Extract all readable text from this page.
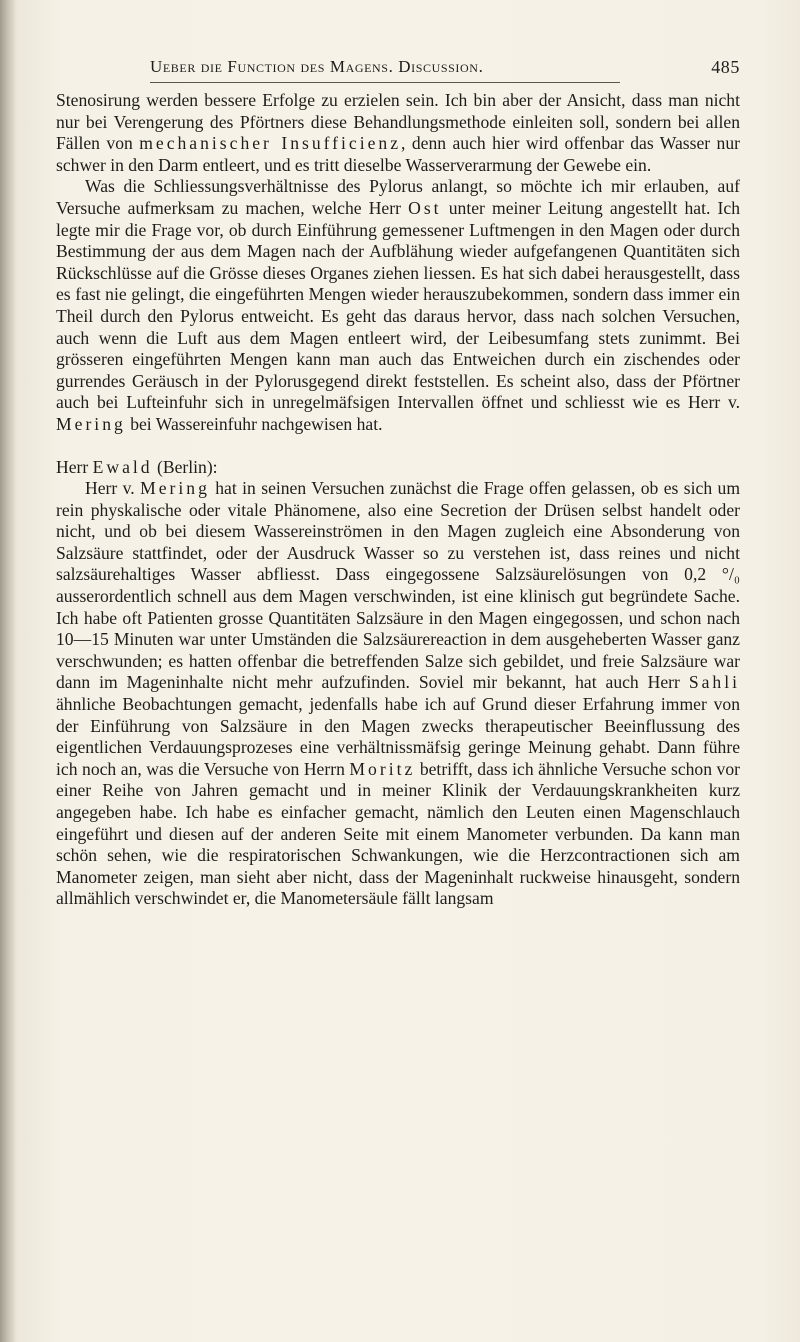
Ueber die Function des Magens. Discussion.	485

Stenosirung werden bessere Erfolge zu erzielen sein. Ich bin aber der Ansicht, dass man nicht nur bei Verengerung des Pförtners diese Behandlungsmethode einleiten soll, sondern bei allen Fällen von mechanischer Insufficienz, denn auch hier wird offenbar das Wasser nur schwer in den Darm entleert, und es tritt dieselbe Wasserverarmung der Gewebe ein.

Was die Schliessungsverhältnisse des Pylorus anlangt, so möchte ich mir erlauben, auf Versuche aufmerksam zu machen, welche Herr Ost unter meiner Leitung angestellt hat. Ich legte mir die Frage vor, ob durch Einführung gemessener Luftmengen in den Magen oder durch Bestimmung der aus dem Magen nach der Aufblähung wieder aufgefangenen Quantitäten sich Rückschlüsse auf die Grösse dieses Organes ziehen liessen. Es hat sich dabei herausgestellt, dass es fast nie gelingt, die eingeführten Mengen wieder herauszubekommen, sondern dass immer ein Theil durch den Pylorus entweicht. Es geht das daraus hervor, dass nach solchen Versuchen, auch wenn die Luft aus dem Magen entleert wird, der Leibesumfang stets zunimmt. Bei grösseren eingeführten Mengen kann man auch das Entweichen durch ein zischendes oder gurrendes Geräusch in der Pylorusgegend direkt feststellen. Es scheint also, dass der Pförtner auch bei Lufteinfuhr sich in unregelmäfsigen Intervallen öffnet und schliesst wie es Herr v. Mering bei Wassereinfuhr nachgewisen hat.

Herr Ewald (Berlin):

Herr v. Mering hat in seinen Versuchen zunächst die Frage offen gelassen, ob es sich um rein physkalische oder vitale Phänomene, also eine Secretion der Drüsen selbst handelt oder nicht, und ob bei diesem Wassereinströmen in den Magen zugleich eine Absonderung von Salzsäure stattfindet, oder der Ausdruck Wasser so zu verstehen ist, dass reines und nicht salzsäurehaltiges Wasser abfliesst. Dass eingegossene Salzsäurelösungen von 0,2 °/₀ ausserordentlich schnell aus dem Magen verschwinden, ist eine klinisch gut begründete Sache. Ich habe oft Patienten grosse Quantitäten Salzsäure in den Magen eingegossen, und schon nach 10—15 Minuten war unter Umständen die Salzsäurereaction in dem ausgeheberten Wasser ganz verschwunden; es hatten offenbar die betreffenden Salze sich gebildet, und freie Salzsäure war dann im Mageninhalte nicht mehr aufzufinden. Soviel mir bekannt, hat auch Herr Sahli ähnliche Beobachtungen gemacht, jedenfalls habe ich auf Grund dieser Erfahrung immer von der Einführung von Salzsäure in den Magen zwecks therapeutischer Beeinflussung des eigentlichen Verdauungsprozeses eine verhältnissmäfsig geringe Meinung gehabt. Dann führe ich noch an, was die Versuche von Herrn Moritz betrifft, dass ich ähnliche Versuche schon vor einer Reihe von Jahren gemacht und in meiner Klinik der Verdauungskrankheiten kurz angegeben habe. Ich habe es einfacher gemacht, nämlich den Leuten einen Magenschlauch eingeführt und diesen auf der anderen Seite mit einem Manometer verbunden. Da kann man schön sehen, wie die respiratorischen Schwankungen, wie die Herzcontractionen sich am Manometer zeigen, man sieht aber nicht, dass der Mageninhalt ruckweise hinausgeht, sondern allmählich verschwindet er, die Manometersäule fällt langsam
